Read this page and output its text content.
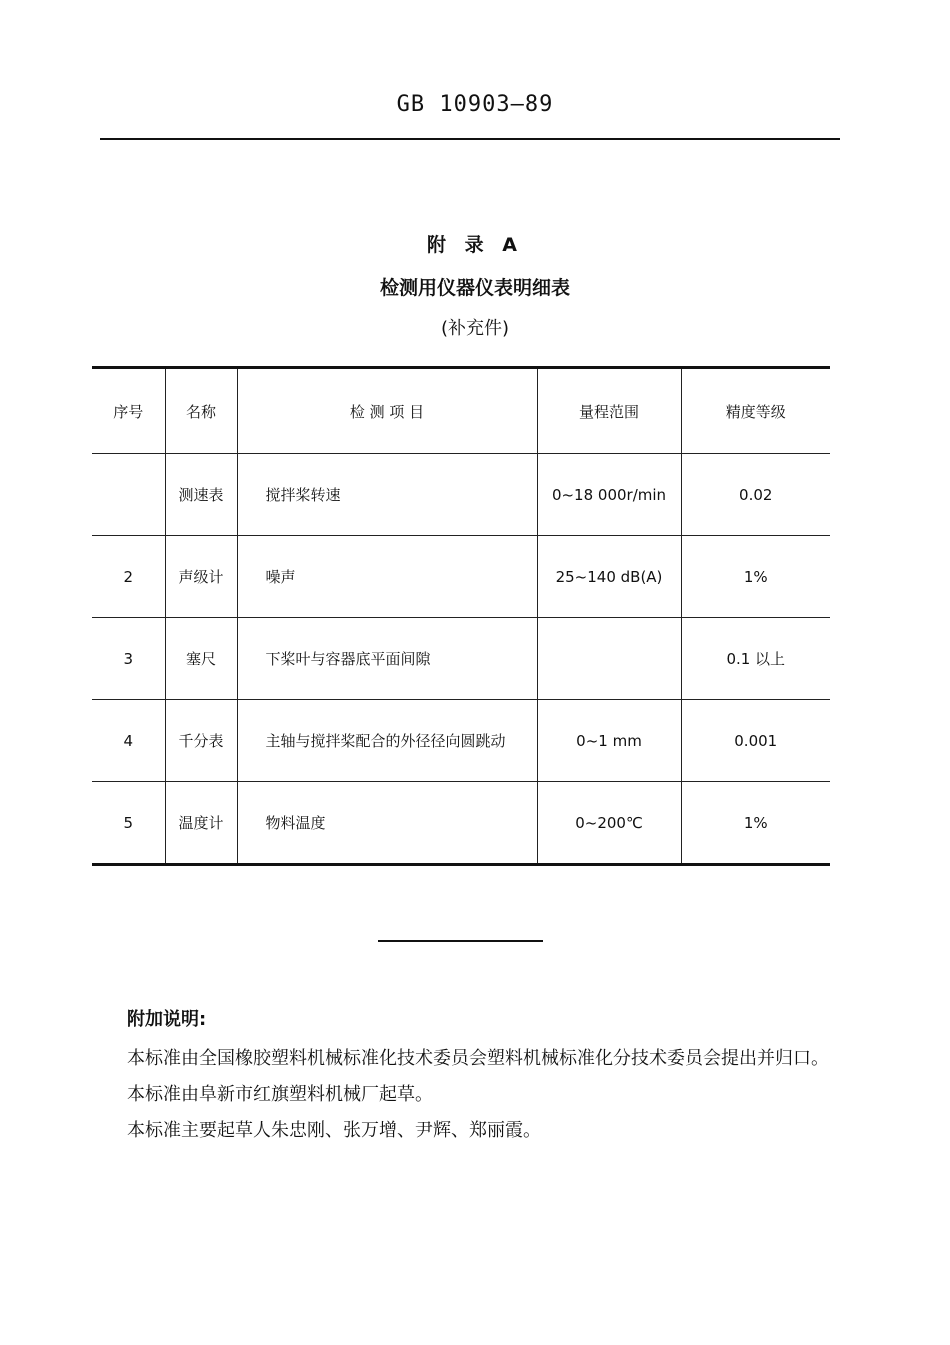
GB 10903—89
附 录 A
检测用仪器仪表明细表
(补充件)
序号	名称	检 测 项 目	量程范围	精度等级
	测速表	搅拌桨转速	0~18 000r/min	0.02
2	声级计	噪声	25~140 dB(A)	1%
3	塞尺	下桨叶与容器底平面间隙		0.1 以上
4	千分表	主轴与搅拌桨配合的外径径向圆跳动	0~1 mm	0.001
5	温度计	物料温度	0~200℃	1%
附加说明:
本标准由全国橡胶塑料机械标准化技术委员会塑料机械标准化分技术委员会提出并归口。
本标准由阜新市红旗塑料机械厂起草。
本标准主要起草人朱忠刚、张万增、尹辉、郑丽霞。
